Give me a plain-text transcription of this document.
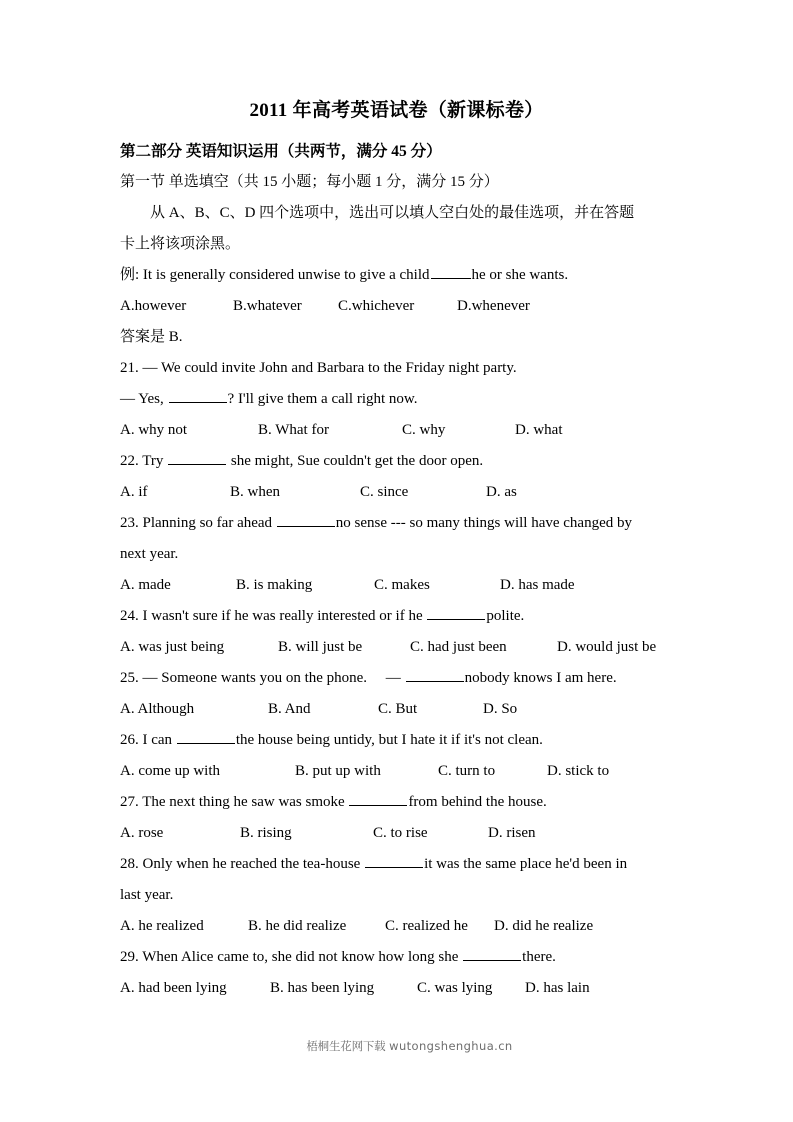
2011 年高考英语试卷（新课标卷）
第二部分 英语知识运用（共两节，满分 45 分）
第一节 单选填空（共 15 小题；每小题 1 分，满分 15 分）
从 A、B、C、D 四个选项中，选出可以填人空白处的最佳选项，并在答题
卡上将该项涂黑。
例: It is generally considered unwise to give a child	he or she wants.
A.however	B.whatever C.whichever	D.whenever
答案是 B.
21. — We could invite John and Barbara to the Friday night party.
— Yes,	? I'll give them a call right now.
A. why not	B. What for	C. why	D. what
22. Try	she might, Sue couldn't get the door open.
A. if	B. when	C. since	D. as
23. Planning so far ahead	no sense --- so many things will have changed by
next year.
A. made	B. is making	C. makes	D. has made
24. I wasn't sure if he was really interested or if he	polite.
A. was just being	B. will just be	C. had just been	D. would just be
25. — Someone wants you on the phone.     —	nobody knows I am here.
A. Although	B. And	C. But	D. So
26. I can	the house being untidy, but I hate it if it's not clean.
A. come up with	B. put up with	C. turn to	D. stick to
27. The next thing he saw was smoke	from behind the house.
A. rose	B. rising	C. to rise	D. risen
28. Only when he reached the tea-house	it was the same place he'd been in
last year.
A. he realized	B. he did realize	C. realized he D. did he realize
29. When Alice came to, she did not know how long she	there.
A. had been lying	B. has been lying	C. was lying D. has lain
梧桐生花网下载 wutongshenghua.cn
